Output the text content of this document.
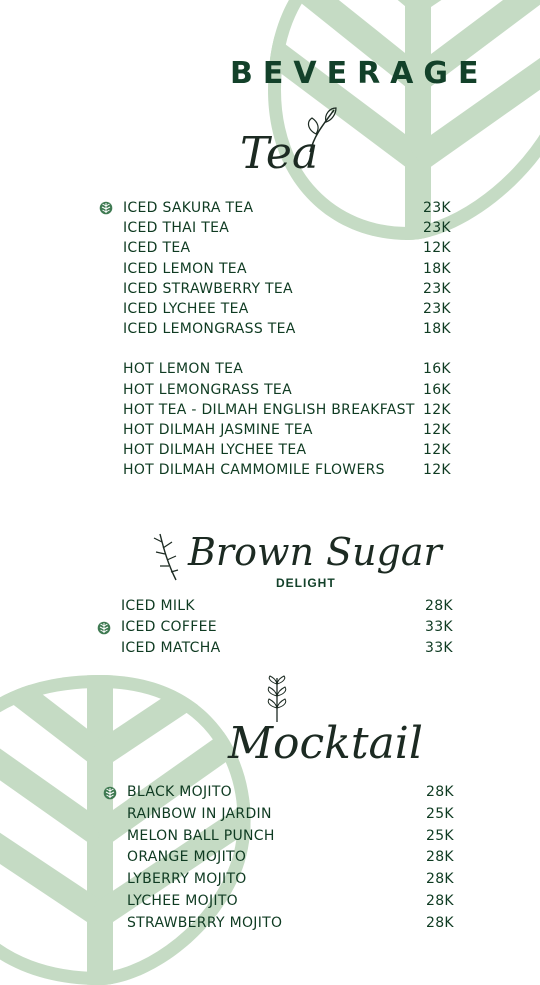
BEVERAGE
Tea
ICED SAKURA TEA	23K
ICED THAI TEA	23K
ICED TEA	12K
ICED LEMON TEA	18K
ICED STRAWBERRY TEA	23K
ICED LYCHEE TEA	23K
ICED LEMONGRASS TEA	18K
HOT LEMON TEA	16K
HOT LEMONGRASS TEA	16K
HOT TEA - DILMAH ENGLISH BREAKFAST 12K
HOT DILMAH JASMINE TEA	12K
HOT DILMAH LYCHEE TEA	12K
HOT DILMAH CAMMOMILE FLOWERS	12K
Brown Sugar
DELIGHT
ICED MILK	28K
ICED COFFEE	33K
ICED MATCHA	33K
Mocktail
BLACK MOJITO	28K
RAINBOW IN JARDIN	25K
MELON BALL PUNCH	25K
ORANGE MOJITO	28K
LYBERRY MOJITO	28K
LYCHEE MOJITO	28K
STRAWBERRY MOJITO	28K
